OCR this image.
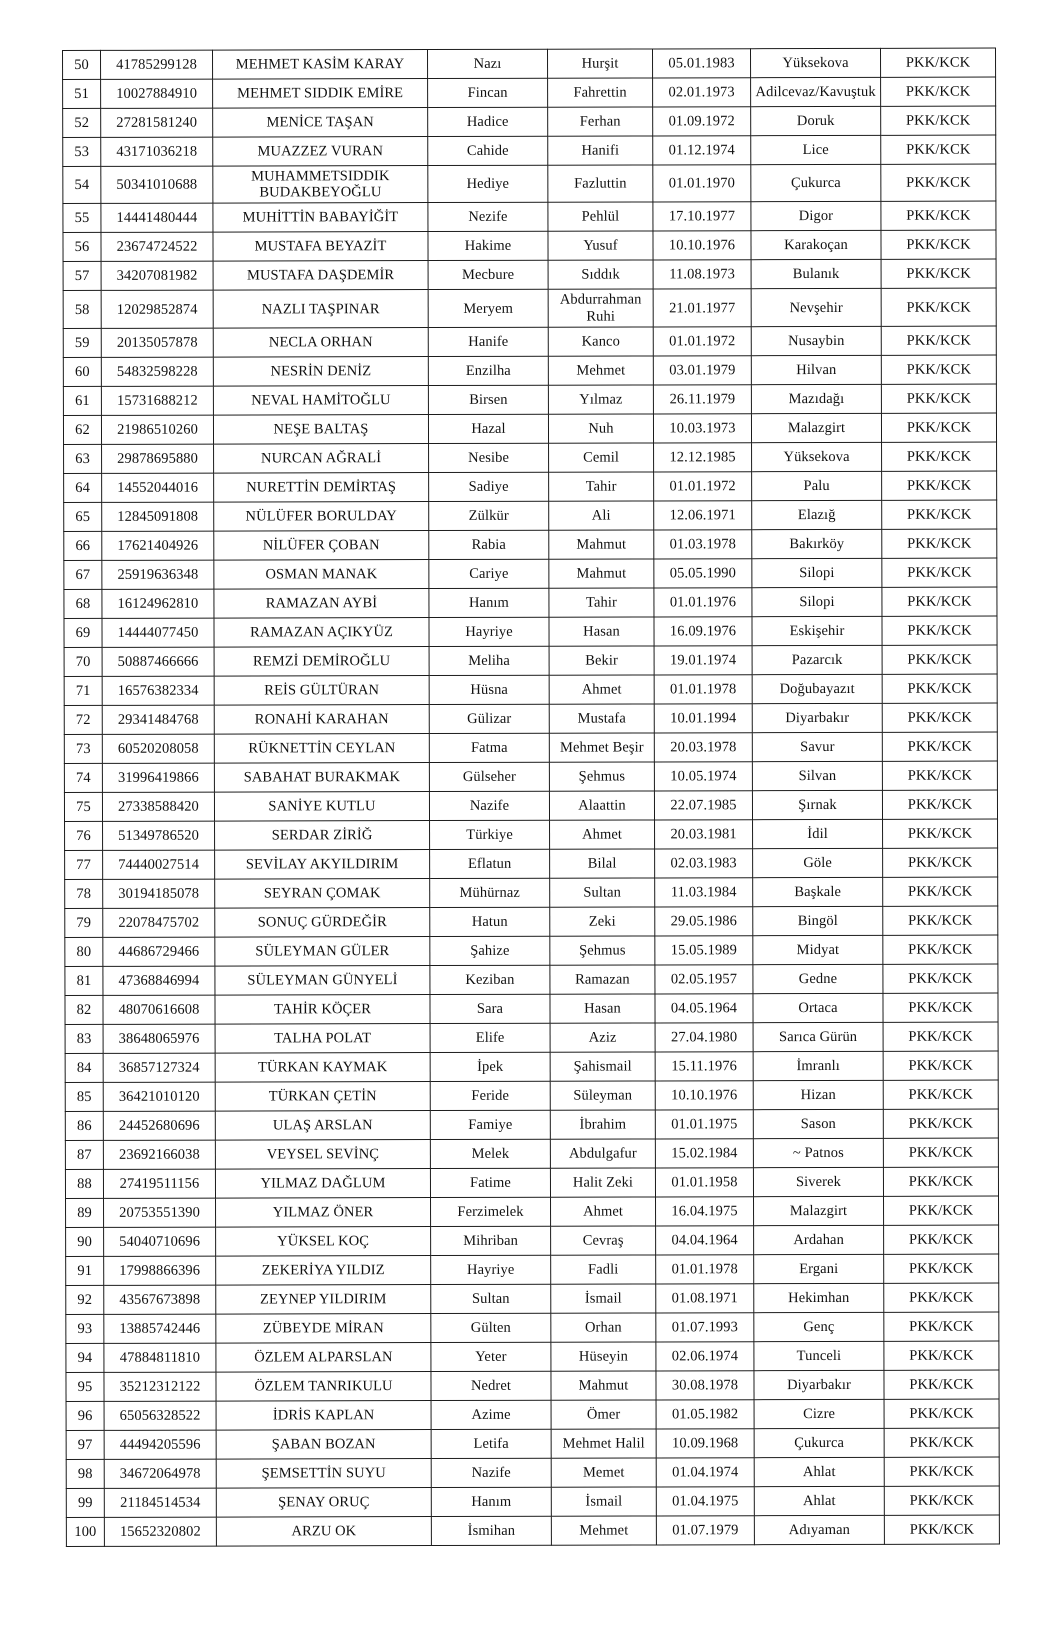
50	41785299128	MEHMET KASİM KARAY	Nazı	Hurşit	05.01.1983	Yüksekova	PKK/KCK
51	10027884910	MEHMET SIDDIK EMİRE	Fincan	Fahrettin	02.01.1973	Adilcevaz/Kavuştuk	PKK/KCK
52	27281581240	MENİCE TAŞAN	Hadice	Ferhan	01.09.1972	Doruk	PKK/KCK
53	43171036218	MUAZZEZ VURAN	Cahide	Hanifi	01.12.1974	Lice	PKK/KCK
54	50341010688	MUHAMMETSIDDIK BUDAKBEYOĞLU	Hediye	Fazluttin	01.01.1970	Çukurca	PKK/KCK
55	14441480444	MUHİTTİN BABAYİĞİT	Nezife	Pehlül	17.10.1977	Digor	PKK/KCK
56	23674724522	MUSTAFA BEYAZİT	Hakime	Yusuf	10.10.1976	Karakoçan	PKK/KCK
57	34207081982	MUSTAFA DAŞDEMİR	Mecbure	Sıddık	11.08.1973	Bulanık	PKK/KCK
58	12029852874	NAZLI TAŞPINAR	Meryem	Abdurrahman Ruhi	21.01.1977	Nevşehir	PKK/KCK
59	20135057878	NECLA ORHAN	Hanife	Kanco	01.01.1972	Nusaybin	PKK/KCK
60	54832598228	NESRİN DENİZ	Enzilha	Mehmet	03.01.1979	Hilvan	PKK/KCK
61	15731688212	NEVAL HAMİTOĞLU	Birsen	Yılmaz	26.11.1979	Mazıdağı	PKK/KCK
62	21986510260	NEŞE BALTAŞ	Hazal	Nuh	10.03.1973	Malazgirt	PKK/KCK
63	29878695880	NURCAN AĞRALİ	Nesibe	Cemil	12.12.1985	Yüksekova	PKK/KCK
64	14552044016	NURETTİN DEMİRTAŞ	Sadiye	Tahir	01.01.1972	Palu	PKK/KCK
65	12845091808	NÜLÜFER BORULDAY	Zülkür	Ali	12.06.1971	Elazığ	PKK/KCK
66	17621404926	NİLÜFER ÇOBAN	Rabia	Mahmut	01.03.1978	Bakırköy	PKK/KCK
67	25919636348	OSMAN MANAK	Cariye	Mahmut	05.05.1990	Silopi	PKK/KCK
68	16124962810	RAMAZAN AYBİ	Hanım	Tahir	01.01.1976	Silopi	PKK/KCK
69	14444077450	RAMAZAN AÇIKYÜZ	Hayriye	Hasan	16.09.1976	Eskişehir	PKK/KCK
70	50887466666	REMZİ DEMİROĞLU	Meliha	Bekir	19.01.1974	Pazarcık	PKK/KCK
71	16576382334	REİS GÜLTÜRAN	Hüsna	Ahmet	01.01.1978	Doğubayazıt	PKK/KCK
72	29341484768	RONAHİ KARAHAN	Gülizar	Mustafa	10.01.1994	Diyarbakır	PKK/KCK
73	60520208058	RÜKNETTİN CEYLAN	Fatma	Mehmet Beşir	20.03.1978	Savur	PKK/KCK
74	31996419866	SABAHAT BURAKMAK	Gülseher	Şehmus	10.05.1974	Silvan	PKK/KCK
75	27338588420	SANİYE KUTLU	Nazife	Alaattin	22.07.1985	Şırnak	PKK/KCK
76	51349786520	SERDAR ZİRİĞ	Türkiye	Ahmet	20.03.1981	İdil	PKK/KCK
77	74440027514	SEVİLAY AKYILDIRIM	Eflatun	Bilal	02.03.1983	Göle	PKK/KCK
78	30194185078	SEYRAN ÇOMAK	Mühürnaz	Sultan	11.03.1984	Başkale	PKK/KCK
79	22078475702	SONUÇ GÜRDEĞİR	Hatun	Zeki	29.05.1986	Bingöl	PKK/KCK
80	44686729466	SÜLEYMAN GÜLER	Şahize	Şehmus	15.05.1989	Midyat	PKK/KCK
81	47368846994	SÜLEYMAN GÜNYELİ	Keziban	Ramazan	02.05.1957	Gedne	PKK/KCK
82	48070616608	TAHİR KÖÇER	Sara	Hasan	04.05.1964	Ortaca	PKK/KCK
83	38648065976	TALHA POLAT	Elife	Aziz	27.04.1980	Sarıca Gürün	PKK/KCK
84	36857127324	TÜRKAN KAYMAK	İpek	Şahismail	15.11.1976	İmranlı	PKK/KCK
85	36421010120	TÜRKAN ÇETİN	Feride	Süleyman	10.10.1976	Hizan	PKK/KCK
86	24452680696	ULAŞ ARSLAN	Famiye	İbrahim	01.01.1975	Sason	PKK/KCK
87	23692166038	VEYSEL SEVİNÇ	Melek	Abdulgafur	15.02.1984	~ Patnos	PKK/KCK
88	27419511156	YILMAZ DAĞLUM	Fatime	Halit Zeki	01.01.1958	Siverek	PKK/KCK
89	20753551390	YILMAZ ÖNER	Ferzimelek	Ahmet	16.04.1975	Malazgirt	PKK/KCK
90	54040710696	YÜKSEL KOÇ	Mihriban	Cevraş	04.04.1964	Ardahan	PKK/KCK
91	17998866396	ZEKERİYA YILDIZ	Hayriye	Fadli	01.01.1978	Ergani	PKK/KCK
92	43567673898	ZEYNEP YILDIRIM	Sultan	İsmail	01.08.1971	Hekimhan	PKK/KCK
93	13885742446	ZÜBEYDE MİRAN	Gülten	Orhan	01.07.1993	Genç	PKK/KCK
94	47884811810	ÖZLEM ALPARSLAN	Yeter	Hüseyin	02.06.1974	Tunceli	PKK/KCK
95	35212312122	ÖZLEM TANRIKULU	Nedret	Mahmut	30.08.1978	Diyarbakır	PKK/KCK
96	65056328522	İDRİS KAPLAN	Azime	Ömer	01.05.1982	Cizre	PKK/KCK
97	44494205596	ŞABAN BOZAN	Letifa	Mehmet Halil	10.09.1968	Çukurca	PKK/KCK
98	34672064978	ŞEMSETTİN SUYU	Nazife	Memet	01.04.1974	Ahlat	PKK/KCK
99	21184514534	ŞENAY ORUÇ	Hanım	İsmail	01.04.1975	Ahlat	PKK/KCK
100	15652320802	ARZU OK	İsmihan	Mehmet	01.07.1979	Adıyaman	PKK/KCK
